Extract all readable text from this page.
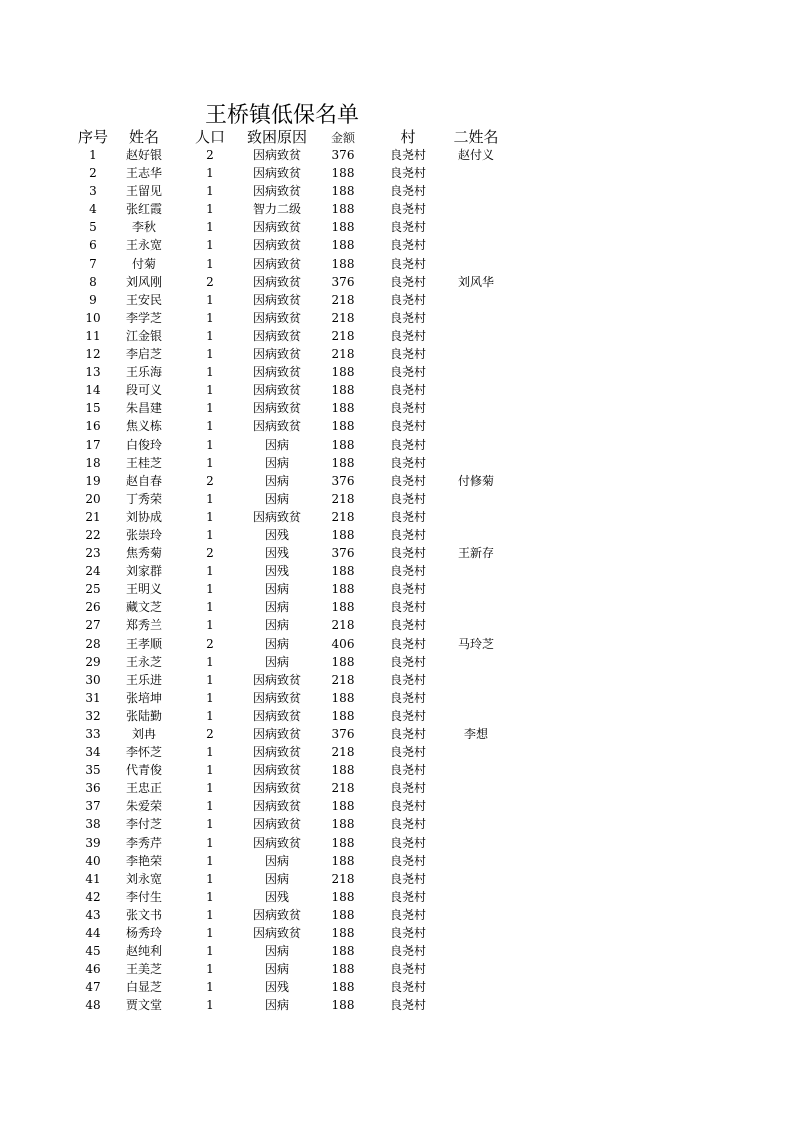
王桥镇低保名单
序号	姓名	人口	致困原因	金额	村	二姓名
1	赵好银	2	因病致贫	376	良尧村	赵付义
2	王志华	1	因病致贫	188	良尧村
3	王留见	1	因病致贫	188	良尧村
4	张红霞	1	智力二级	188	良尧村
5	李秋	1	因病致贫	188	良尧村
6	王永宽	1	因病致贫	188	良尧村
7	付菊	1	因病致贫	188	良尧村
8	刘风刚	2	因病致贫	376	良尧村	刘风华
9	王安民	1	因病致贫	218	良尧村
10	李学芝	1	因病致贫	218	良尧村
11	江金银	1	因病致贫	218	良尧村
12	李启芝	1	因病致贫	218	良尧村
13	王乐海	1	因病致贫	188	良尧村
14	段可义	1	因病致贫	188	良尧村
15	朱昌建	1	因病致贫	188	良尧村
16	焦义栋	1	因病致贫	188	良尧村
17	白俊玲	1	因病	188	良尧村
18	王桂芝	1	因病	188	良尧村
19	赵自春	2	因病	376	良尧村	付修菊
20	丁秀荣	1	因病	218	良尧村
21	刘协成	1	因病致贫	218	良尧村
22	张崇玲	1	因残	188	良尧村
23	焦秀菊	2	因残	376	良尧村	王新存
24	刘家群	1	因残	188	良尧村
25	王明义	1	因病	188	良尧村
26	藏文芝	1	因病	188	良尧村
27	郑秀兰	1	因病	218	良尧村
28	王孝顺	2	因病	406	良尧村	马玲芝
29	王永芝	1	因病	188	良尧村
30	王乐进	1	因病致贫	218	良尧村
31	张培坤	1	因病致贫	188	良尧村
32	张陆勤	1	因病致贫	188	良尧村
33	刘冉	2	因病致贫	376	良尧村	李想
34	李怀芝	1	因病致贫	218	良尧村
35	代青俊	1	因病致贫	188	良尧村
36	王忠正	1	因病致贫	218	良尧村
37	朱爱荣	1	因病致贫	188	良尧村
38	李付芝	1	因病致贫	188	良尧村
39	李秀芹	1	因病致贫	188	良尧村
40	李艳荣	1	因病	188	良尧村
41	刘永宽	1	因病	218	良尧村
42	李付生	1	因残	188	良尧村
43	张文书	1	因病致贫	188	良尧村
44	杨秀玲	1	因病致贫	188	良尧村
45	赵纯利	1	因病	188	良尧村
46	王美芝	1	因病	188	良尧村
47	白显芝	1	因残	188	良尧村
48	贾文堂	1	因病	188	良尧村
